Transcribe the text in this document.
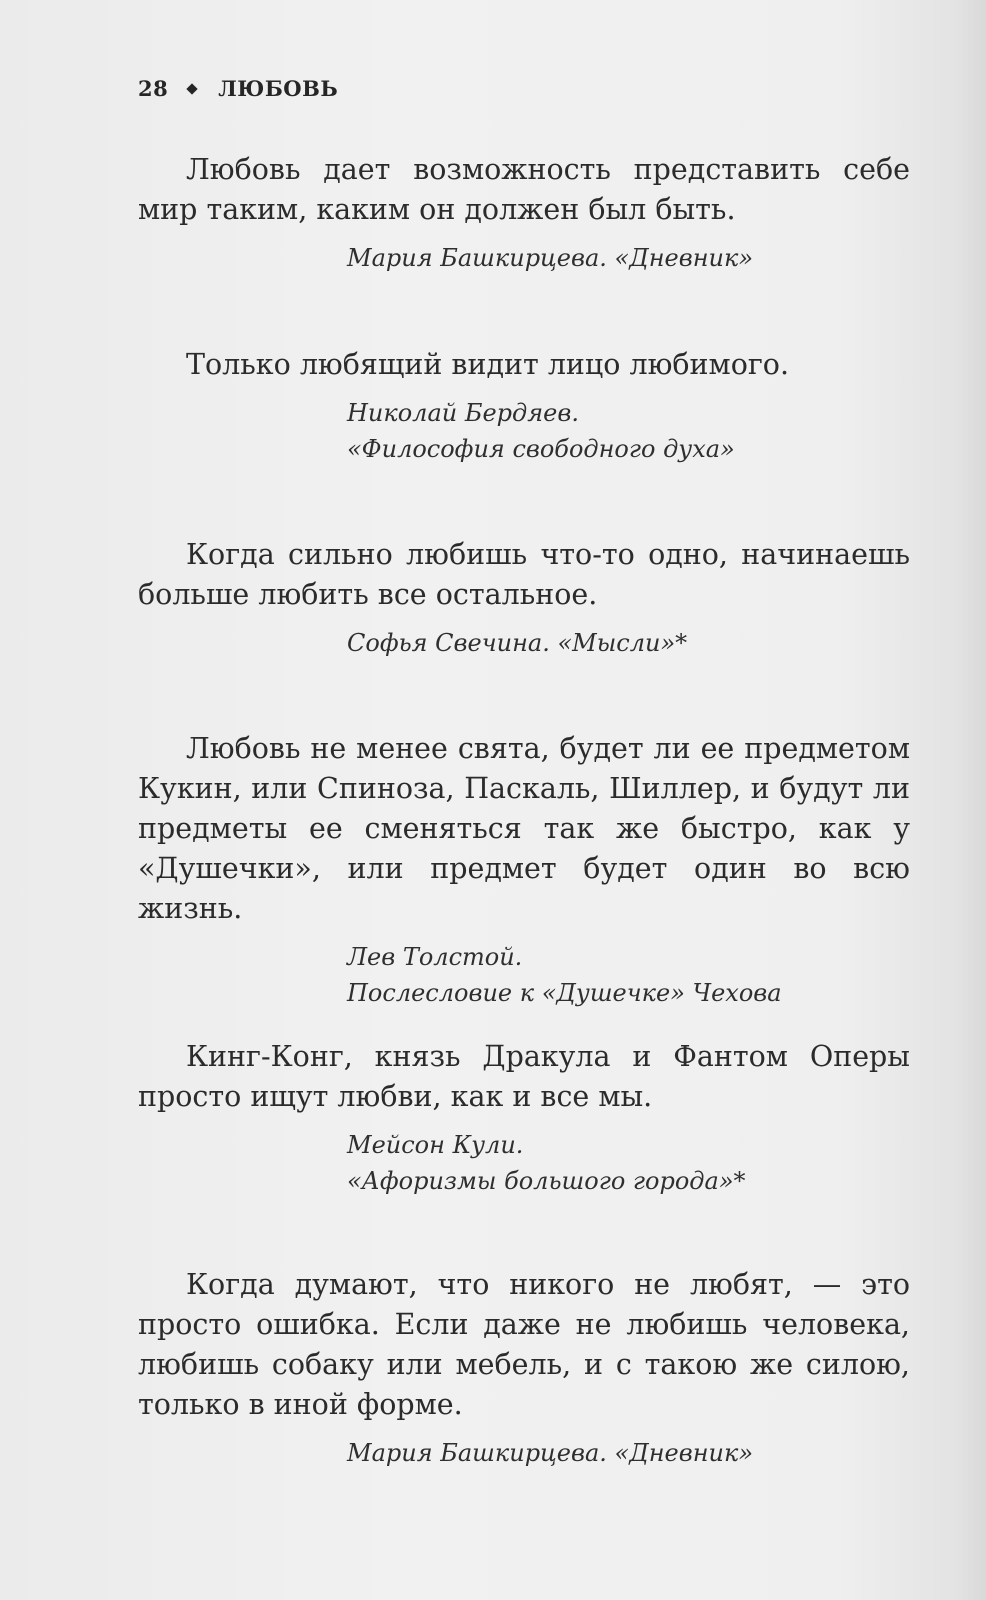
28 ЛЮБОВЬ

Любовь дает возможность представить себе мир таким, каким он должен был быть.

Мария Башкирцева. «Дневник»

Только любящий видит лицо любимого.

Николай Бердяев.
«Философия свободного духа»

Когда сильно любишь что-то одно, начинаешь больше любить все остальное.

Софья Свечина. «Мысли»*

Любовь не менее свята, будет ли ее предметом Кукин, или Спиноза, Паскаль, Шиллер, и будут ли предметы ее сменяться так же быстро, как у «Душечки», или предмет будет один во всю жизнь.

Лев Толстой.
Послесловие к «Душечке» Чехова

Кинг-Конг, князь Дракула и Фантом Оперы просто ищут любви, как и все мы.

Мейсон Кули.
«Афоризмы большого города»*

Когда думают, что никого не любят, — это просто ошибка. Если даже не любишь человека, любишь собаку или мебель, и с такою же силою, только в иной форме.

Мария Башкирцева. «Дневник»
